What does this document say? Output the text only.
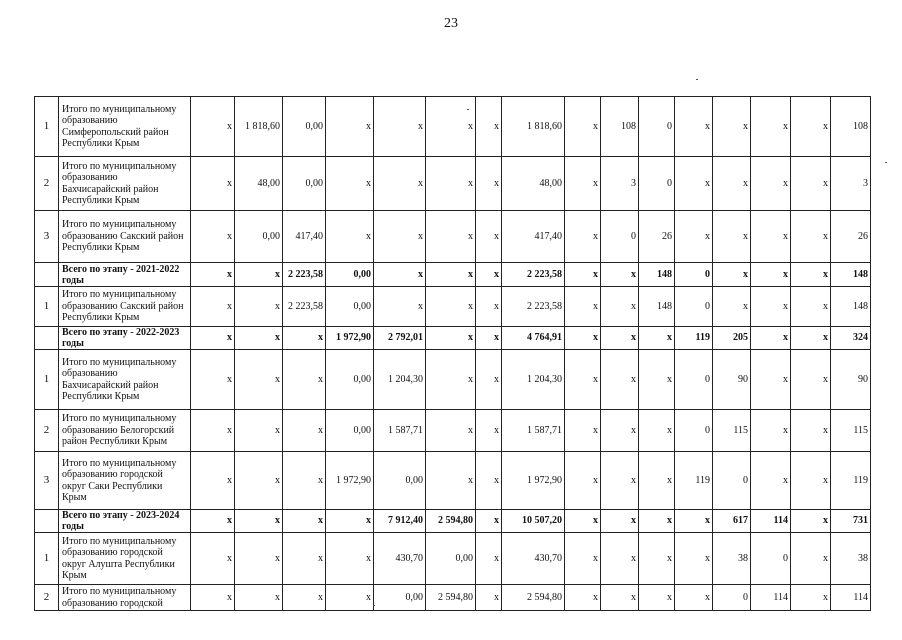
23
1	Итого по муниципальному образованию Симферопольский район Республики Крым	x	1 818,60	0,00	x	x	x	x	1 818,60	x	108	0	x	x	x	x	108
2	Итого по муниципальному образованию Бахчисарайский район Республики Крым	x	48,00	0,00	x	x	x	x	48,00	x	3	0	x	x	x	x	3
3	Итого по муниципальному образованию Сакский район Республики Крым	x	0,00	417,40	x	x	x	x	417,40	x	0	26	x	x	x	x	26
	Всего по этапу - 2021-2022 годы	x	x	2 223,58	0,00	x	x	x	2 223,58	x	x	148	0	x	x	x	148
1	Итого по муниципальному образованию Сакский район Республики Крым	x	x	2 223,58	0,00	x	x	x	2 223,58	x	x	148	0	x	x	x	148
	Всего по этапу - 2022-2023 годы	x	x	x	1 972,90	2 792,01	x	x	4 764,91	x	x	x	119	205	x	x	324
1	Итого по муниципальному образованию Бахчисарайский район Республики Крым	x	x	x	0,00	1 204,30	x	x	1 204,30	x	x	x	0	90	x	x	90
2	Итого по муниципальному образованию Белогорский район Республики Крым	x	x	x	0,00	1 587,71	x	x	1 587,71	x	x	x	0	115	x	x	115
3	Итого по муниципальному образованию городской округ Саки Республики Крым	x	x	x	1 972,90	0,00	x	x	1 972,90	x	x	x	119	0	x	x	119
	Всего по этапу - 2023-2024 годы	x	x	x	x	7 912,40	2 594,80	x	10 507,20	x	x	x	x	617	114	x	731
1	Итого по муниципальному образованию городской округ Алушта Республики Крым	x	x	x	x	430,70	0,00	x	430,70	x	x	x	x	38	0	x	38
2	Итого по муниципальному образованию городской	x	x	x	x	0,00	2 594,80	x	2 594,80	x	x	x	x	0	114	x	114
